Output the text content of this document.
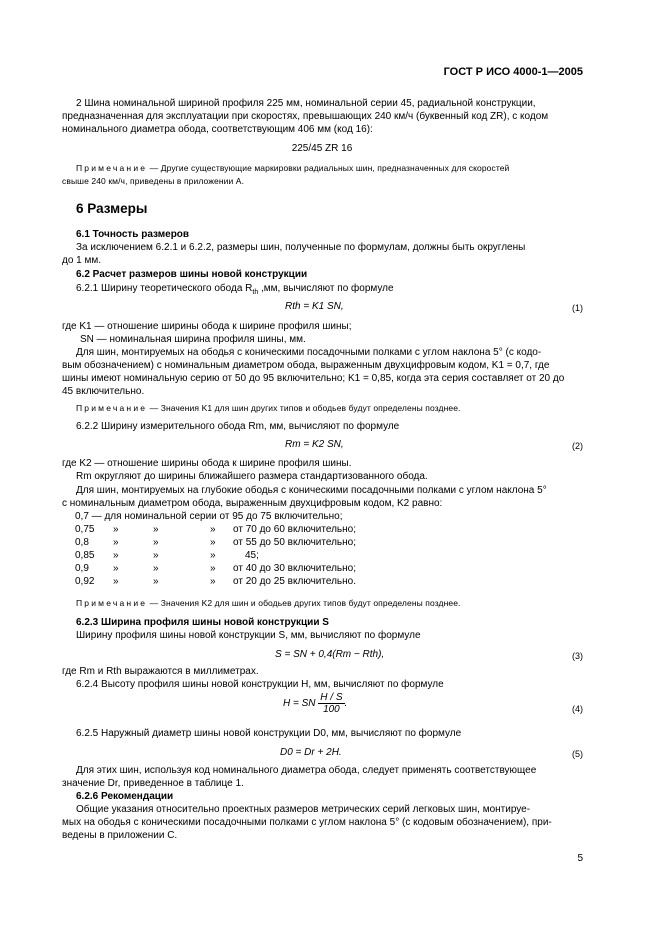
ГОСТ Р ИСО 4000-1—2005
2 Шина номинальной шириной профиля 225 мм, номинальной серии 45, радиальной конструкции,
предназначенная для эксплуатации при скоростях, превышающих 240 км/ч (буквенный код ZR), с кодом
номинального диаметра обода, соответствующим 406 мм (код 16):
225/45 ZR 16
Примечание — Другие существующие маркировки радиальных шин, предназначенных для скоростей
свыше 240 км/ч, приведены в приложении А.
6 Размеры
6.1 Точность размеров
За исключением 6.2.1 и 6.2.2, размеры шин, полученные по формулам, должны быть округлены
до 1 мм.
6.2 Расчет размеров шины новой конструкции
6.2.1 Ширину теоретического обода $R_{th}$ ,мм, вычисляют по формуле
Rth = K1 SN,	(1)
где K1 — отношение ширины обода к ширине профиля шины;
SN — номинальная ширина профиля шины, мм.
Для шин, монтируемых на ободья с коническими посадочными полками с углом наклона 5° (с кодо-
вым обозначением) с номинальным диаметром обода, выраженным двухцифровым кодом, K1 = 0,7, где
шины имеют номинальную серию от 50 до 95 включительно; K1 = 0,85, когда эта серия составляет от 20 до
45 включительно.
Примечание — Значения K1 для шин других типов и ободьев будут определены позднее.
6.2.2 Ширину измерительного обода Rm, мм, вычисляют по формуле
Rm = K2 SN,	(2)
где K2 — отношение ширины обода к ширине профиля шины.
Rm округляют до ширины ближайшего размера стандартизованного обода.
Для шин, монтируемых на глубокие ободья с коническими посадочными полками с углом наклона 5°
с номинальным диаметром обода, выраженным двухцифровым кодом, K2 равно:
0,7 — для номинальной серии от 95 до 75 включительно;
0,75 »	»	» от 70 до 60 включительно;
0,8 »	»	» от 55 до 50 включительно;
0,85 »	»	»	45;
0,9 »	»	» от 40 до 30 включительно;
0,92 »	»	» от 20 до 25 включительно.
Примечание — Значения K2 для шин и ободьев других типов будут определены позднее.
6.2.3 Ширина профиля шины новой конструкции S
Ширину профиля шины новой конструкции S, мм, вычисляют по формуле
S = SN + 0,4(Rm − Rth),	(3)
где Rm и Rth выражаются в миллиметрах.
6.2.4 Высоту профиля шины новой конструкции H, мм, вычисляют по формуле
H = SN $\frac{H / S}{100}$ .	(4)
6.2.5 Наружный диаметр шины новой конструкции D0, мм, вычисляют по формуле
D0 = Dr + 2H.	(5)
Для этих шин, используя код номинального диаметра обода, следует применять соответствующее
значение Dr, приведенное в таблице 1.
6.2.6 Рекомендации
Общие указания относительно проектных размеров метрических серий легковых шин, монтируе-
мых на ободья с коническими посадочными полками с углом наклона 5° (с кодовым обозначением), при-
ведены в приложении С.
5
